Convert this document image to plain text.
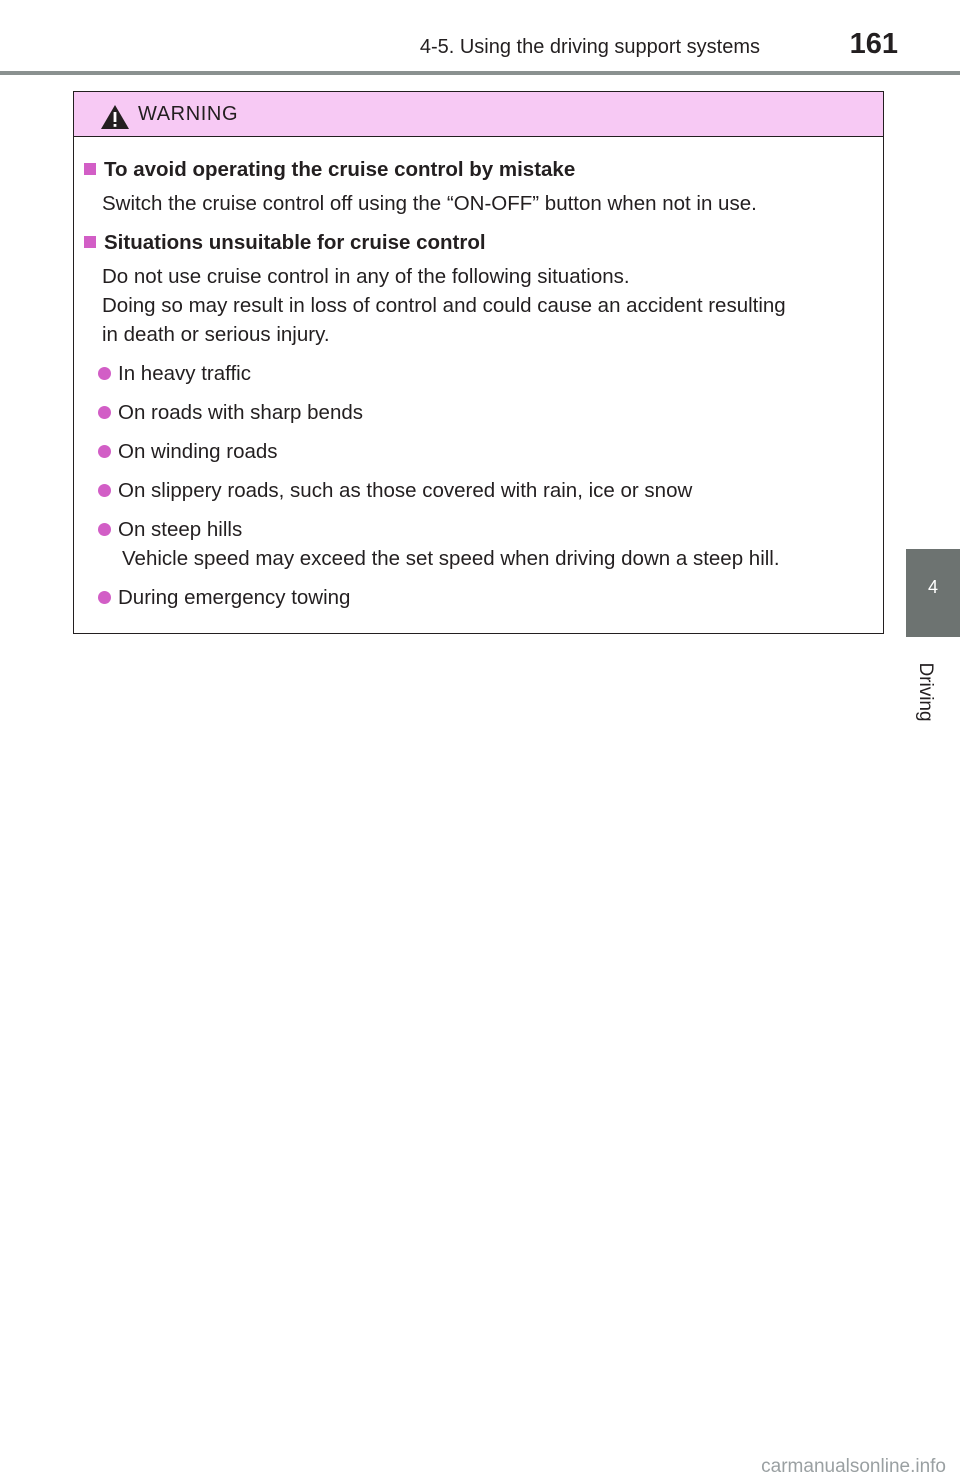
4-5. Using the driving support systems	161
4
Driving
WARNING
To avoid operating the cruise control by mistake
Switch the cruise control off using the “ON-OFF” button when not in use.
Situations unsuitable for cruise control
Do not use cruise control in any of the following situations.
Doing so may result in loss of control and could cause an accident resulting
in death or serious injury.
In heavy traffic
On roads with sharp bends
On winding roads
On slippery roads, such as those covered with rain, ice or snow
On steep hills
Vehicle speed may exceed the set speed when driving down a steep hill.
During emergency towing
carmanualsonline.info
